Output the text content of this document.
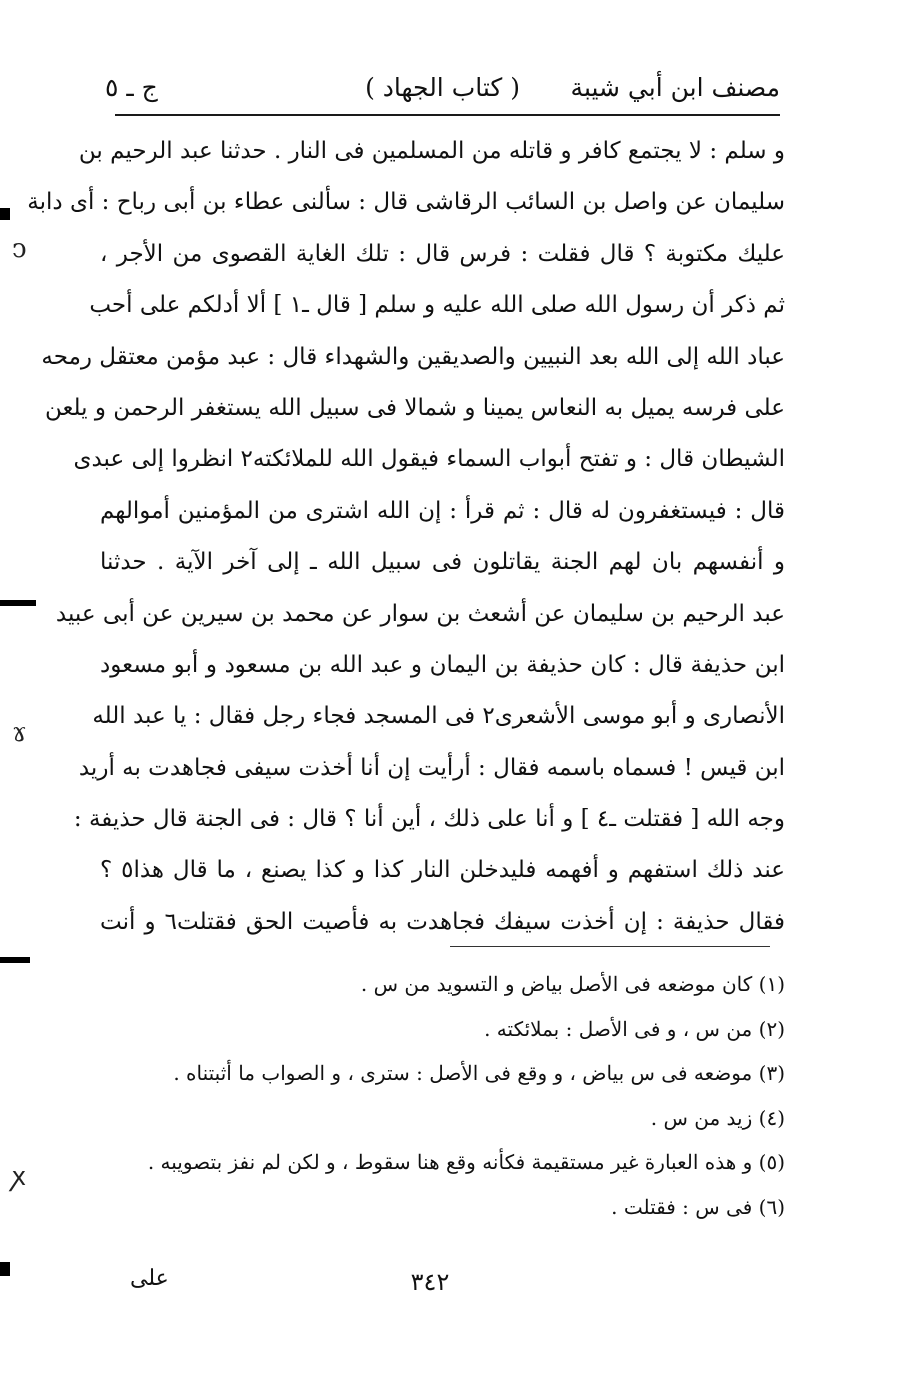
مصنف ابن أبي شيبة
( كتاب الجهاد )
ج ـ ٥
و سلم : لا يجتمع كافر و قاتله من المسلمين فى النار . حدثنا عبد الرحيم بن
سليمان عن واصل بن السائب الرقاشى قال : سألنى عطاء بن أبى رباح : أى دابة
عليك مكتوبة ؟ قال فقلت : فرس قال : تلك الغاية القصوى من الأجر ،
ثم ذكر أن رسول الله صلى الله عليه و سلم [ قال ـ١ ] ألا أدلكم على أحب
عباد الله إلى الله بعد النبيين والصديقين والشهداء قال : عبد مؤمن معتقل رمحه
على فرسه يميل به النعاس يمينا و شمالا فى سبيل الله يستغفر الرحمن و يلعن
الشيطان قال : و تفتح أبواب السماء فيقول الله للملائكته٢ انظروا إلى عبدى
قال : فيستغفرون له قال : ثم قرأ : إن الله اشترى من المؤمنين أموالهم
و أنفسهم بان لهم الجنة يقاتلون فى سبيل الله ـ إلى آخر الآية . حدثنا
عبد الرحيم بن سليمان عن أشعث بن سوار عن محمد بن سيرين عن أبى عبيد
ابن حذيفة قال : كان حذيفة بن اليمان و عبد الله بن مسعود و أبو مسعود
الأنصارى و أبو موسى الأشعرى٢ فى المسجد فجاء رجل فقال : يا عبد الله
ابن قيس ! فسماه باسمه فقال : أرأيت إن أنا أخذت سيفى فجاهدت به أريد
وجه الله [ فقتلت ـ٤ ] و أنا على ذلك ، أين أنا ؟ قال : فى الجنة قال حذيفة :
عند ذلك استفهم و أفهمه فليدخلن النار كذا و كذا يصنع ، ما قال هذا٥ ؟
فقال حذيفة : إن أخذت سيفك فجاهدت به فأصيت الحق فقتلت٦ و أنت
(١) كان موضعه فى الأصل بياض و التسويد من س .
(٢) من س ، و فى الأصل : بملائكته .
(٣) موضعه فى س بياض ، و وقع فى الأصل : سترى ، و الصواب ما أثبتناه .
(٤) زيد من س .
(٥) و هذه العبارة غير مستقيمة فكأنه وقع هنا سقوط ، و لكن لم نفز بتصويبه .
(٦) فى س : فقتلت .
٣٤٢
على
ↄ
ɤ
ꭗ
